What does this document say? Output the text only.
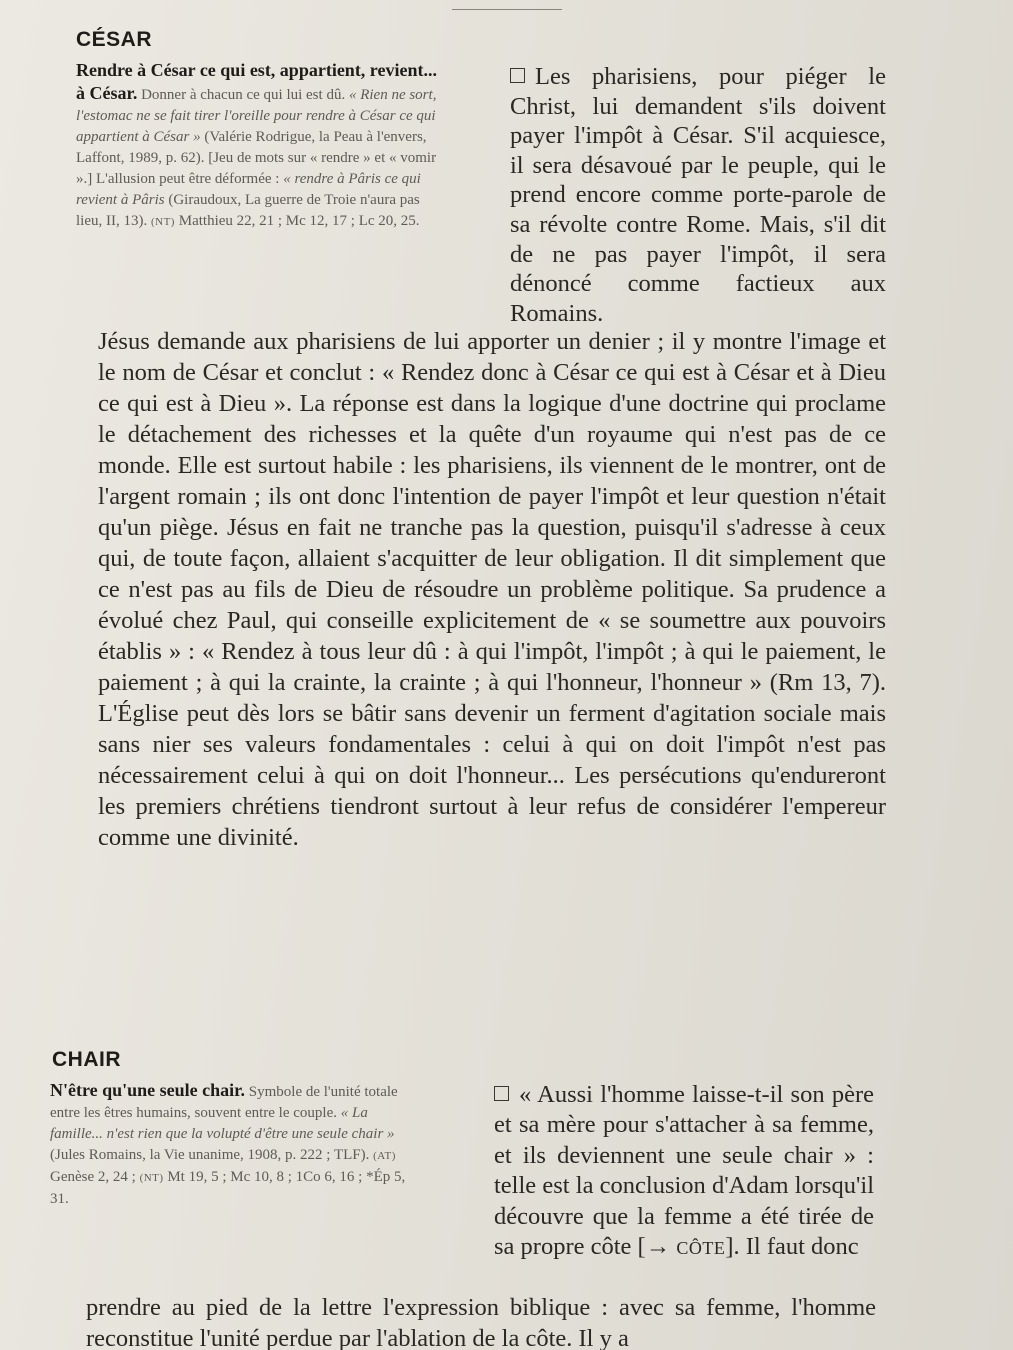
CÉSAR
Rendre à César ce qui est, appartient, revient... à César. Donner à chacun ce qui lui est dû. « Rien ne sort, l'estomac ne se fait tirer l'oreille pour rendre à César ce qui appartient à César » (Valérie Rodrigue, la Peau à l'envers, Laffont, 1989, p. 62). [Jeu de mots sur « rendre » et « vomir ».] L'allusion peut être déformée : « rendre à Pâris ce qui revient à Pâris (Giraudoux, La guerre de Troie n'aura pas lieu, II, 13). (NT) Matthieu 22, 21 ; Mc 12, 17 ; Lc 20, 25.
Les pharisiens, pour piéger le Christ, lui demandent s'ils doivent payer l'impôt à César. S'il acquiesce, il sera désavoué par le peuple, qui le prend encore comme porte-parole de sa révolte contre Rome. Mais, s'il dit de ne pas payer l'impôt, il sera dénoncé comme factieux aux Romains.

Jésus demande aux pharisiens de lui apporter un denier ; il y montre l'image et le nom de César et conclut : « Rendez donc à César ce qui est à César et à Dieu ce qui est à Dieu ». La réponse est dans la logique d'une doctrine qui proclame le détachement des richesses et la quête d'un royaume qui n'est pas de ce monde. Elle est surtout habile : les pharisiens, ils viennent de le montrer, ont de l'argent romain ; ils ont donc l'intention de payer l'impôt et leur question n'était qu'un piège. Jésus en fait ne tranche pas la question, puisqu'il s'adresse à ceux qui, de toute façon, allaient s'acquitter de leur obligation. Il dit simplement que ce n'est pas au fils de Dieu de résoudre un problème politique. Sa prudence a évolué chez Paul, qui conseille explicitement de « se soumettre aux pouvoirs établis » : « Rendez à tous leur dû : à qui l'impôt, l'impôt ; à qui le paiement, le paiement ; à qui la crainte, la crainte ; à qui l'honneur, l'honneur » (Rm 13, 7). L'Église peut dès lors se bâtir sans devenir un ferment d'agitation sociale mais sans nier ses valeurs fondamentales : celui à qui on doit l'impôt n'est pas nécessairement celui à qui on doit l'honneur... Les persécutions qu'endureront les premiers chrétiens tiendront surtout à leur refus de considérer l'empereur comme une divinité.

CHAIR
N'être qu'une seule chair. Symbole de l'unité totale entre les êtres humains, souvent entre le couple. « La famille... n'est rien que la volupté d'être une seule chair » (Jules Romains, la Vie unanime, 1908, p. 222 ; TLF). (AT) Genèse 2, 24 ; (NT) Mt 19, 5 ; Mc 10, 8 ; 1Co 6, 16 ; *Ép 5, 31.
« Aussi l'homme laisse-t-il son père et sa mère pour s'attacher à sa femme, et ils deviennent une seule chair » : telle est la conclusion d'Adam lorsqu'il découvre que la femme a été tirée de sa propre côte [→ CÔTE]. Il faut donc

prendre au pied de la lettre l'expression biblique : avec sa femme, l'homme reconstitue l'unité perdue par l'ablation de la côte. Il y a
